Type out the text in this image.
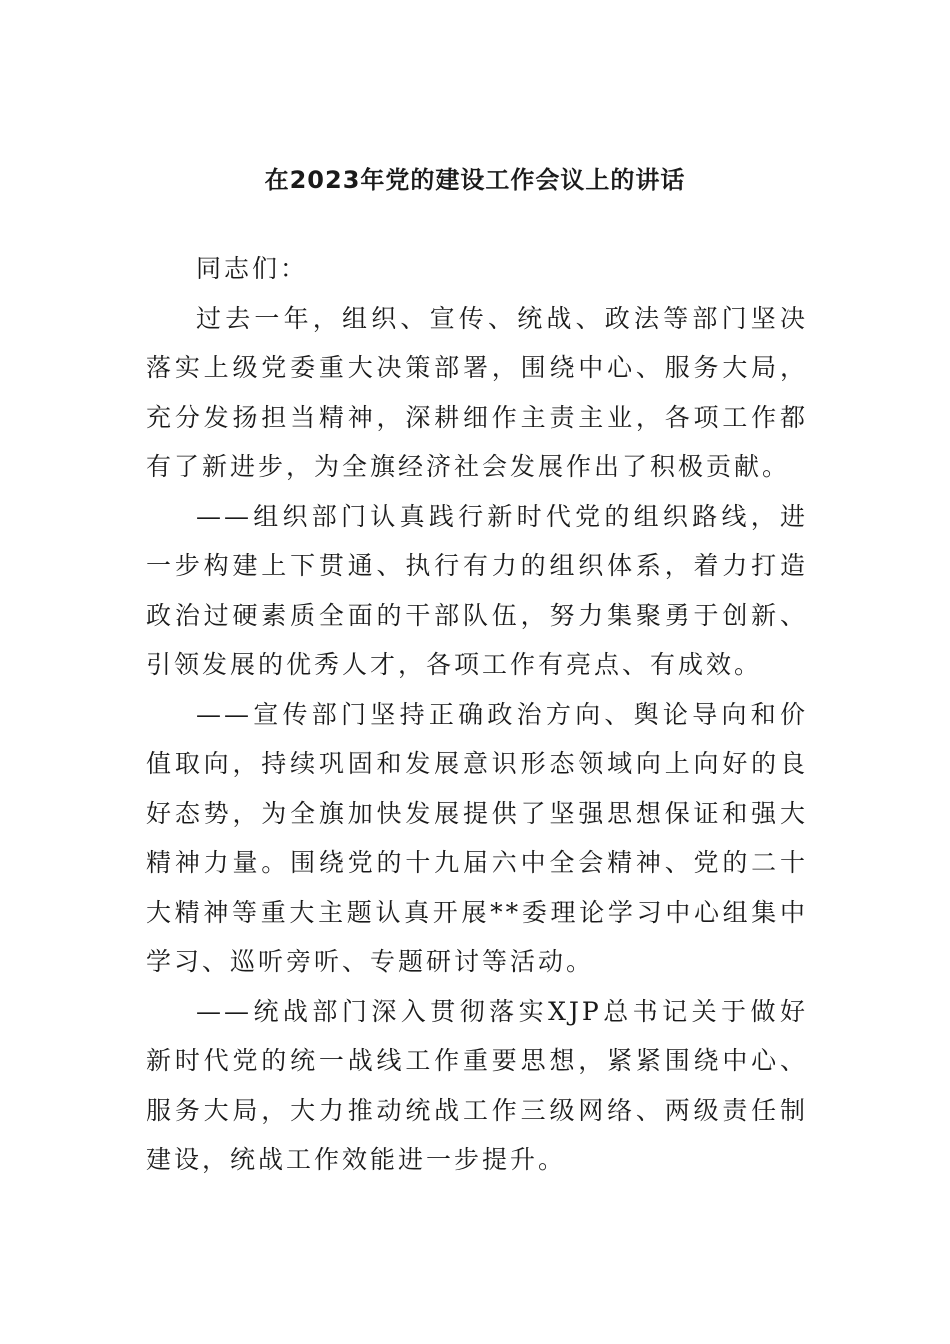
在2023年党的建设工作会议上的讲话

同志们：

过去一年，组织、宣传、统战、政法等部门坚决落实上级党委重大决策部署，围绕中心、服务大局，充分发扬担当精神，深耕细作主责主业，各项工作都有了新进步，为全旗经济社会发展作出了积极贡献。

——组织部门认真践行新时代党的组织路线，进一步构建上下贯通、执行有力的组织体系，着力打造政治过硬素质全面的干部队伍，努力集聚勇于创新、引领发展的优秀人才，各项工作有亮点、有成效。

——宣传部门坚持正确政治方向、舆论导向和价值取向，持续巩固和发展意识形态领域向上向好的良好态势，为全旗加快发展提供了坚强思想保证和强大精神力量。围绕党的十九届六中全会精神、党的二十大精神等重大主题认真开展**委理论学习中心组集中学习、巡听旁听、专题研讨等活动。

——统战部门深入贯彻落实XJP总书记关于做好新时代党的统一战线工作重要思想，紧紧围绕中心、服务大局，大力推动统战工作三级网络、两级责任制建设，统战工作效能进一步提升。
